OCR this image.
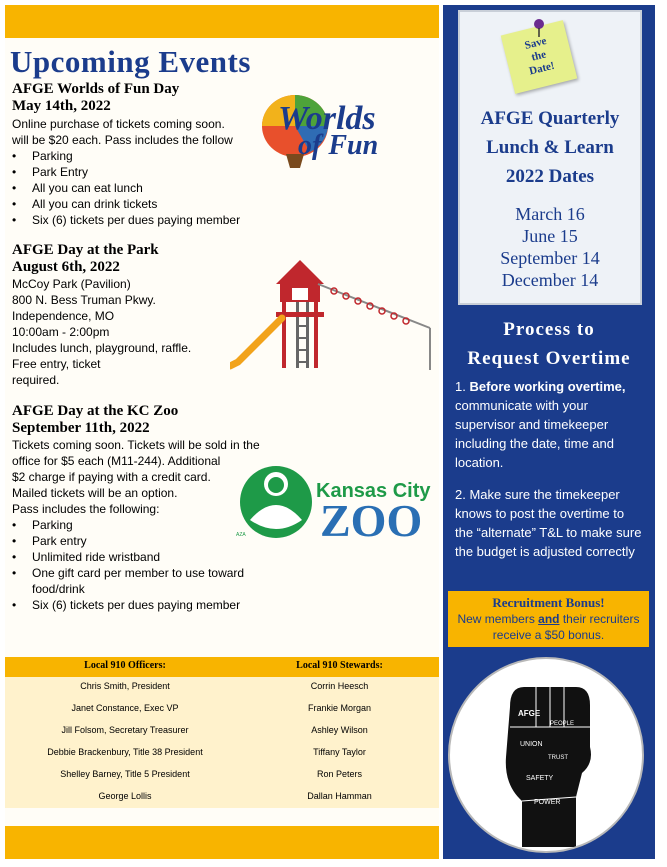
Upcoming Events
AFGE Worlds of Fun Day
May 14th, 2022
Online purchase of tickets coming soon.
will be $20 each. Pass includes the follow
• Parking
• Park Entry
• All you can eat lunch
• All you can drink tickets
• Six (6) tickets per dues paying member
Worlds
of Fun
AFGE Day at the Park
August 6th, 2022
McCoy Park (Pavilion)
800 N. Bess Truman Pkwy.
Independence, MO
10:00am - 2:00pm
Includes lunch, playground, raffle.
Free entry, ticket
required.
AFGE Day at the KC Zoo
September 11th, 2022
Tickets coming soon. Tickets will be sold in the
office for $5 each (M11-244). Additional
$2 charge if paying with a credit card.
Mailed tickets will be an option.
Pass includes the following:
• Parking
• Park entry
• Unlimited ride wristband
• One gift card per member to use toward food/drink
• Six (6) tickets per dues paying member
Kansas City
ZOO
AZA
Local 910 Officers:	Local 910 Stewards:
Chris Smith, President
Janet Constance, Exec VP
Jill Folsom, Secretary Treasurer
Debbie Brackenbury, Title 38 President
Shelley Barney, Title 5 President
George Lollis
Corrin Heesch
Frankie Morgan
Ashley Wilson
Tiffany Taylor
Ron Peters
Dallan Hamman
Save
the
Date!
AFGE Quarterly
Lunch & Learn
2022 Dates
March 16
June 15
September 14
December 14
Process to
Request Overtime
1. Before working overtime, communicate with your supervisor and timekeeper including the date, time and location.
2. Make sure the timekeeper knows to post the overtime to the “alternate” T&L to make sure the budget is adjusted correctly
Recruitment Bonus!
New members and their recruiters
receive a $50 bonus.
AFGE
PEOPLE
UNION
TRUST
SAFETY
POWER
